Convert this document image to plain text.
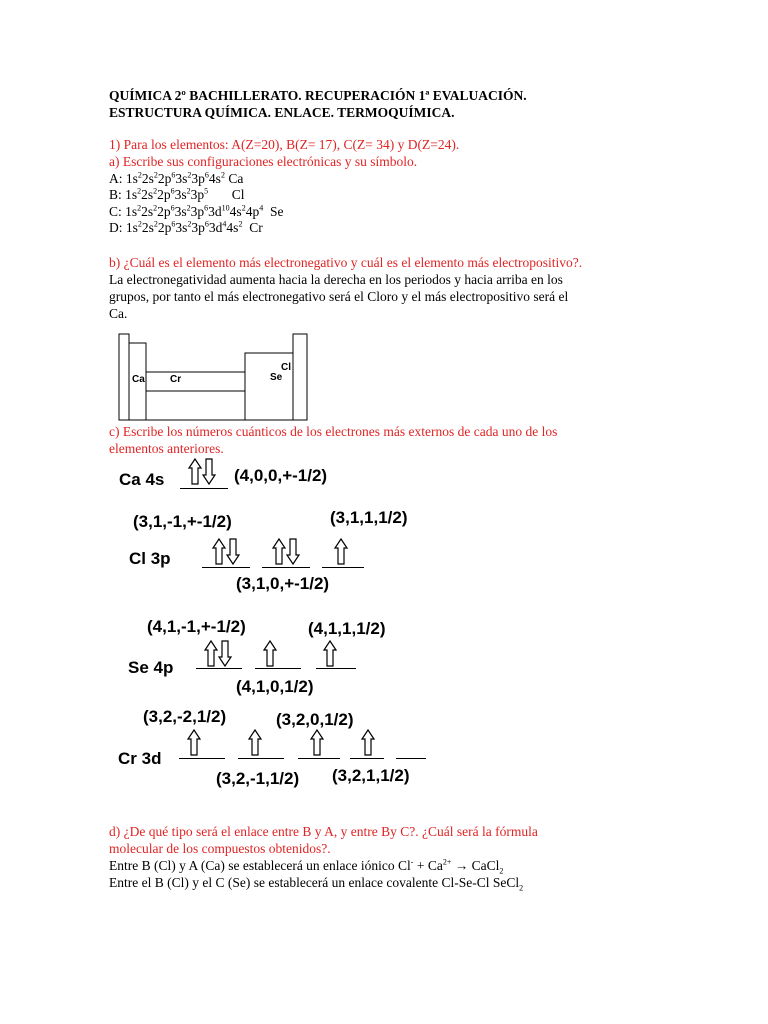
QUÍMICA 2º BACHILLERATO. RECUPERACIÓN 1ª EVALUACIÓN.
ESTRUCTURA QUÍMICA. ENLACE. TERMOQUÍMICA.
1) Para los elementos: A(Z=20), B(Z= 17), C(Z= 34) y D(Z=24).
a) Escribe sus configuraciones electrónicas y su símbolo.
A: $1s^22s^22p^63s^23p^64s^2$ Ca
B: $1s^22s^22p^63s^23p^5$ Cl
C: $1s^22s^22p^63s^23p^63d^{10}4s^24p^4$ Se
D: $1s^22s^22p^63s^23p^63d^44s^2$ Cr
b) ¿Cuál es el elemento más electronegativo y cuál es el elemento más electropositivo?.
La electronegatividad aumenta hacia la derecha en los periodos y hacia arriba en los
grupos, por tanto el más electronegativo será el Cloro y el más electropositivo será el
Ca.
Ca	Cr	Se
Cl
c) Escribe los números cuánticos de los electrones más externos de cada uno de los
elementos anteriores.
Ca 4s	(4,0,0,+-1/2)
(3,1,-1,+-1/2)	(3,1,1,1/2)
Cl 3p
(3,1,0,+-1/2)
(4,1,-1,+-1/2)	(4,1,1,1/2)
Se 4p
(4,1,0,1/2)
(3,2,-2,1/2)	(3,2,0,1/2)
Cr 3d
(3,2,-1,1/2) (3,2,1,1/2)
d) ¿De qué tipo será el enlace entre B y A, y entre By C?. ¿Cuál será la fórmula
molecular de los compuestos obtenidos?.
Entre B (Cl) y A (Ca) se establecerá un enlace iónico $Cl^- + Ca^{2+}$ → CaCl$_2$
Entre el B (Cl) y el C (Se) se establecerá un enlace covalente Cl-Se-Cl SeCl$_2$
